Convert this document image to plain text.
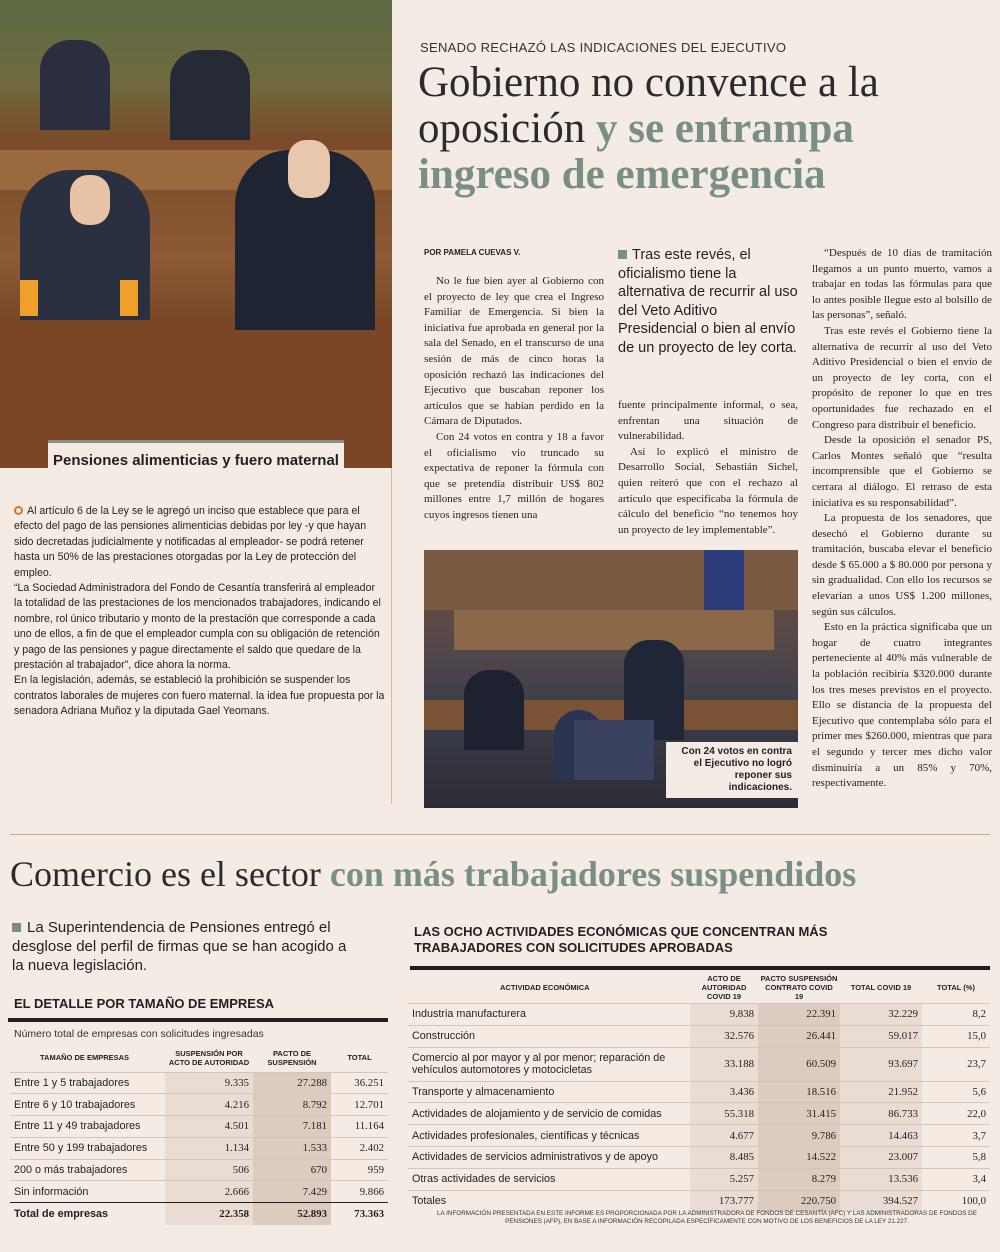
Pensiones alimenticias y fuero maternal

Al artículo 6 de la Ley se le agregó un inciso que establece que para el efecto del pago de las pensiones alimenticias debidas por ley -y que hayan sido decretadas judicialmente y notificadas al empleador- se podrá retener hasta un 50% de las prestaciones otorgadas por la Ley de protección del empleo.

“La Sociedad Administradora del Fondo de Cesantía transferirá al empleador la totalidad de las prestaciones de los mencionados trabajadores, indicando el nombre, rol único tributario y monto de la prestación que corresponde a cada uno de ellos, a fin de que el empleador cumpla con su obligación de retención y pago de las pensiones y pague directamente el saldo que quedare de la prestación al trabajador”, dice ahora la norma.

En la legislación, además, se estableció la prohibición se suspender los contratos laborales de mujeres con fuero maternal. la idea fue propuesta por la senadora Adriana Muñoz y la diputada Gael Yeomans.

SENADO RECHAZÓ LAS INDICACIONES DEL EJECUTIVO
Gobierno no convence a la oposición y se entrampa ingreso de emergencia
POR PAMELA CUEVAS V.

No le fue bien ayer al Gobierno con el proyecto de ley que crea el Ingreso Familiar de Emergencia. Si bien la iniciativa fue aprobada en general por la sala del Senado, en el transcurso de una sesión de más de cinco horas la oposición rechazó las indicaciones del Ejecutivo que buscaban reponer los artículos que se habían perdido en la Cámara de Diputados.

Con 24 votos en contra y 18 a favor el oficialismo vio truncado su expectativa de reponer la fórmula con que se pretendía distribuir US$ 802 millones entre 1,7 millón de hogares cuyos ingresos tienen una

Tras este revés, el oficialismo tiene la alternativa de recurrir al uso del Veto Aditivo Presidencial o bien al envío de un proyecto de ley corta.

fuente principalmente informal, o sea, enfrentan una situación de vulnerabilidad.

Así lo explicó el ministro de Desarrollo Social, Sebastián Sichel, quien reiteró que con el rechazo al artículo que especificaba la fórmula de cálculo del beneficio “no tenemos hoy un proyecto de ley implementable”.

“Después de 10 días de tramitación llegamos a un punto muerto, vamos a trabajar en todas las fórmulas para que lo antes posible llegue esto al bolsillo de las personas”, señaló.

Tras este revés el Gobierno tiene la alternativa de recurrir al uso del Veto Aditivo Presidencial o bien el envío de un proyecto de ley corta, con el propósito de reponer lo que en tres oportunidades fue rechazado en el Congreso para distribuir el beneficio.

Desde la oposición el senador PS, Carlos Montes señaló que “resulta incomprensible que el Gobierno se cerrara al diálogo. El retraso de esta iniciativa es su responsabilidad”.

La propuesta de los senadores, que desechó el Gobierno durante su tramitación, buscaba elevar el beneficio desde $ 65.000 a $ 80.000 por persona y sin gradualidad. Con ello los recursos se elevarían a unos US$ 1.200 millones, según sus cálculos.

Esto en la práctica significaba que un hogar de cuatro integrantes perteneciente al 40% más vulnerable de la población recibiría $320.000 durante los tres meses previstos en el proyecto. Ello se distancia de la propuesta del Ejecutivo que contemplaba sólo para el primer mes $260.000, mientras que para el segundo y tercer mes dicho valor disminuiría a un 85% y 70%, respectivamente.

Con 24 votos en contra el Ejecutivo no logró reponer sus indicaciones.
Comercio es el sector con más trabajadores suspendidos
La Superintendencia de Pensiones entregó el desglose del perfil de firmas que se han acogido a la nueva legislación.
EL DETALLE POR TAMAÑO DE EMPRESA
Número total de empresas con solicitudes ingresadas
TAMAÑO DE EMPRESAS	SUSPENSIÓN POR ACTO DE AUTORIDAD	PACTO DE SUSPENSIÓN	TOTAL
Entre 1 y 5 trabajadores	9.335	27.288	36.251
Entre 6 y 10 trabajadores	4.216	8.792	12.701
Entre 11 y 49 trabajadores	4.501	7.181	11.164
Entre 50 y 199 trabajadores	1.134	1.533	2.402
200 o más trabajadores	506	670	959
Sin información	2.666	7.429	9.866
Total de empresas	22.358	52.893	73.363
LAS OCHO ACTIVIDADES ECONÓMICAS QUE CONCENTRAN MÁS TRABAJADORES CON SOLICITUDES APROBADAS
ACTIVIDAD ECONÓMICA	ACTO DE AUTORIDAD COVID 19	PACTO SUSPENSIÓN CONTRATO COVID 19	TOTAL COVID 19	TOTAL (%)
Industria manufacturera	9.838	22.391	32.229	8,2
Construcción	32.576	26.441	59.017	15,0
Comercio al por mayor y al por menor; reparación de vehículos automotores y motocicletas	33.188	60.509	93.697	23,7
Transporte y almacenamiento	3.436	18.516	21.952	5,6
Actividades de alojamiento y de servicio de comidas	55.318	31.415	86.733	22,0
Actividades profesionales, científicas y técnicas	4.677	9.786	14.463	3,7
Actividades de servicios administrativos y de apoyo	8.485	14.522	23.007	5,8
Otras actividades de servicios	5.257	8.279	13.536	3,4
Totales	173.777	220.750	394.527	100,0
LA INFORMACIÓN PRESENTADA EN ESTE INFORME ES PROPORCIONADA POR LA ADMINISTRADORA DE FONDOS DE CESANTÍA (AFC) Y LAS ADMINISTRADORAS DE FONDOS DE PENSIONES (AFP), EN BASE A INFORMACIÓN RECOPILADA ESPECÍFICAMENTE CON MOTIVO DE LOS BENEFICIOS DE LA LEY 21.227.
